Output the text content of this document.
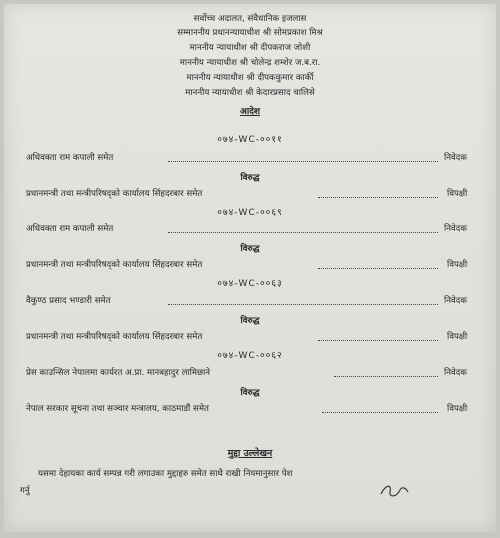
सर्वोच्च अदालत, संवैधानिक इजलास
सम्माननीय प्रधानन्यायाधीश श्री सोमप्रकाश मिश्र
माननीय न्यायाधीश श्री दीपकराज जोशी
माननीय न्यायाधीश श्री चोलेन्द्र शम्शेर ज.ब.रा.
माननीय न्यायाधीश श्री दीपककुमार कार्की
माननीय न्यायाधीश श्री केदारप्रसाद चालिसे
आदेश
०७४-WC-००११
अधिवक्ता राम कपाली समेत	निवेदक
विरुद्ध
प्रधानमन्त्री तथा मन्त्रीपरिषद्को कार्यालय सिंहदरबार समेत	विपक्षी
०७४-WC-००६९
अधिवक्ता राम कपाली समेत	निवेदक
विरुद्ध
प्रधानमन्त्री तथा मन्त्रीपरिषद्को कार्यालय सिंहदरबार समेत	विपक्षी
०७४-WC-००६३
वैकुण्ठ प्रसाद भण्डारी समेत	निवेदक
विरुद्ध
प्रधानमन्त्री तथा मन्त्रीपरिषद्को कार्यालय सिंहदरबार समेत	विपक्षी
०७४-WC-००६२
प्रेस काउन्सिल नेपालमा कार्यरत अ.प्रा. मानबहादुर लामिछाने	निवेदक
विरुद्ध
नेपाल सरकार सूचना तथा सञ्चार मन्त्रालय, काठमाडौं समेत	विपक्षी
मुद्दा उल्लेखन
यसमा देहायका कार्य सम्पन्न गरी लगाउका मुद्दाहरु समेत साथै राखी नियमानुसार पेश
गर्नु
